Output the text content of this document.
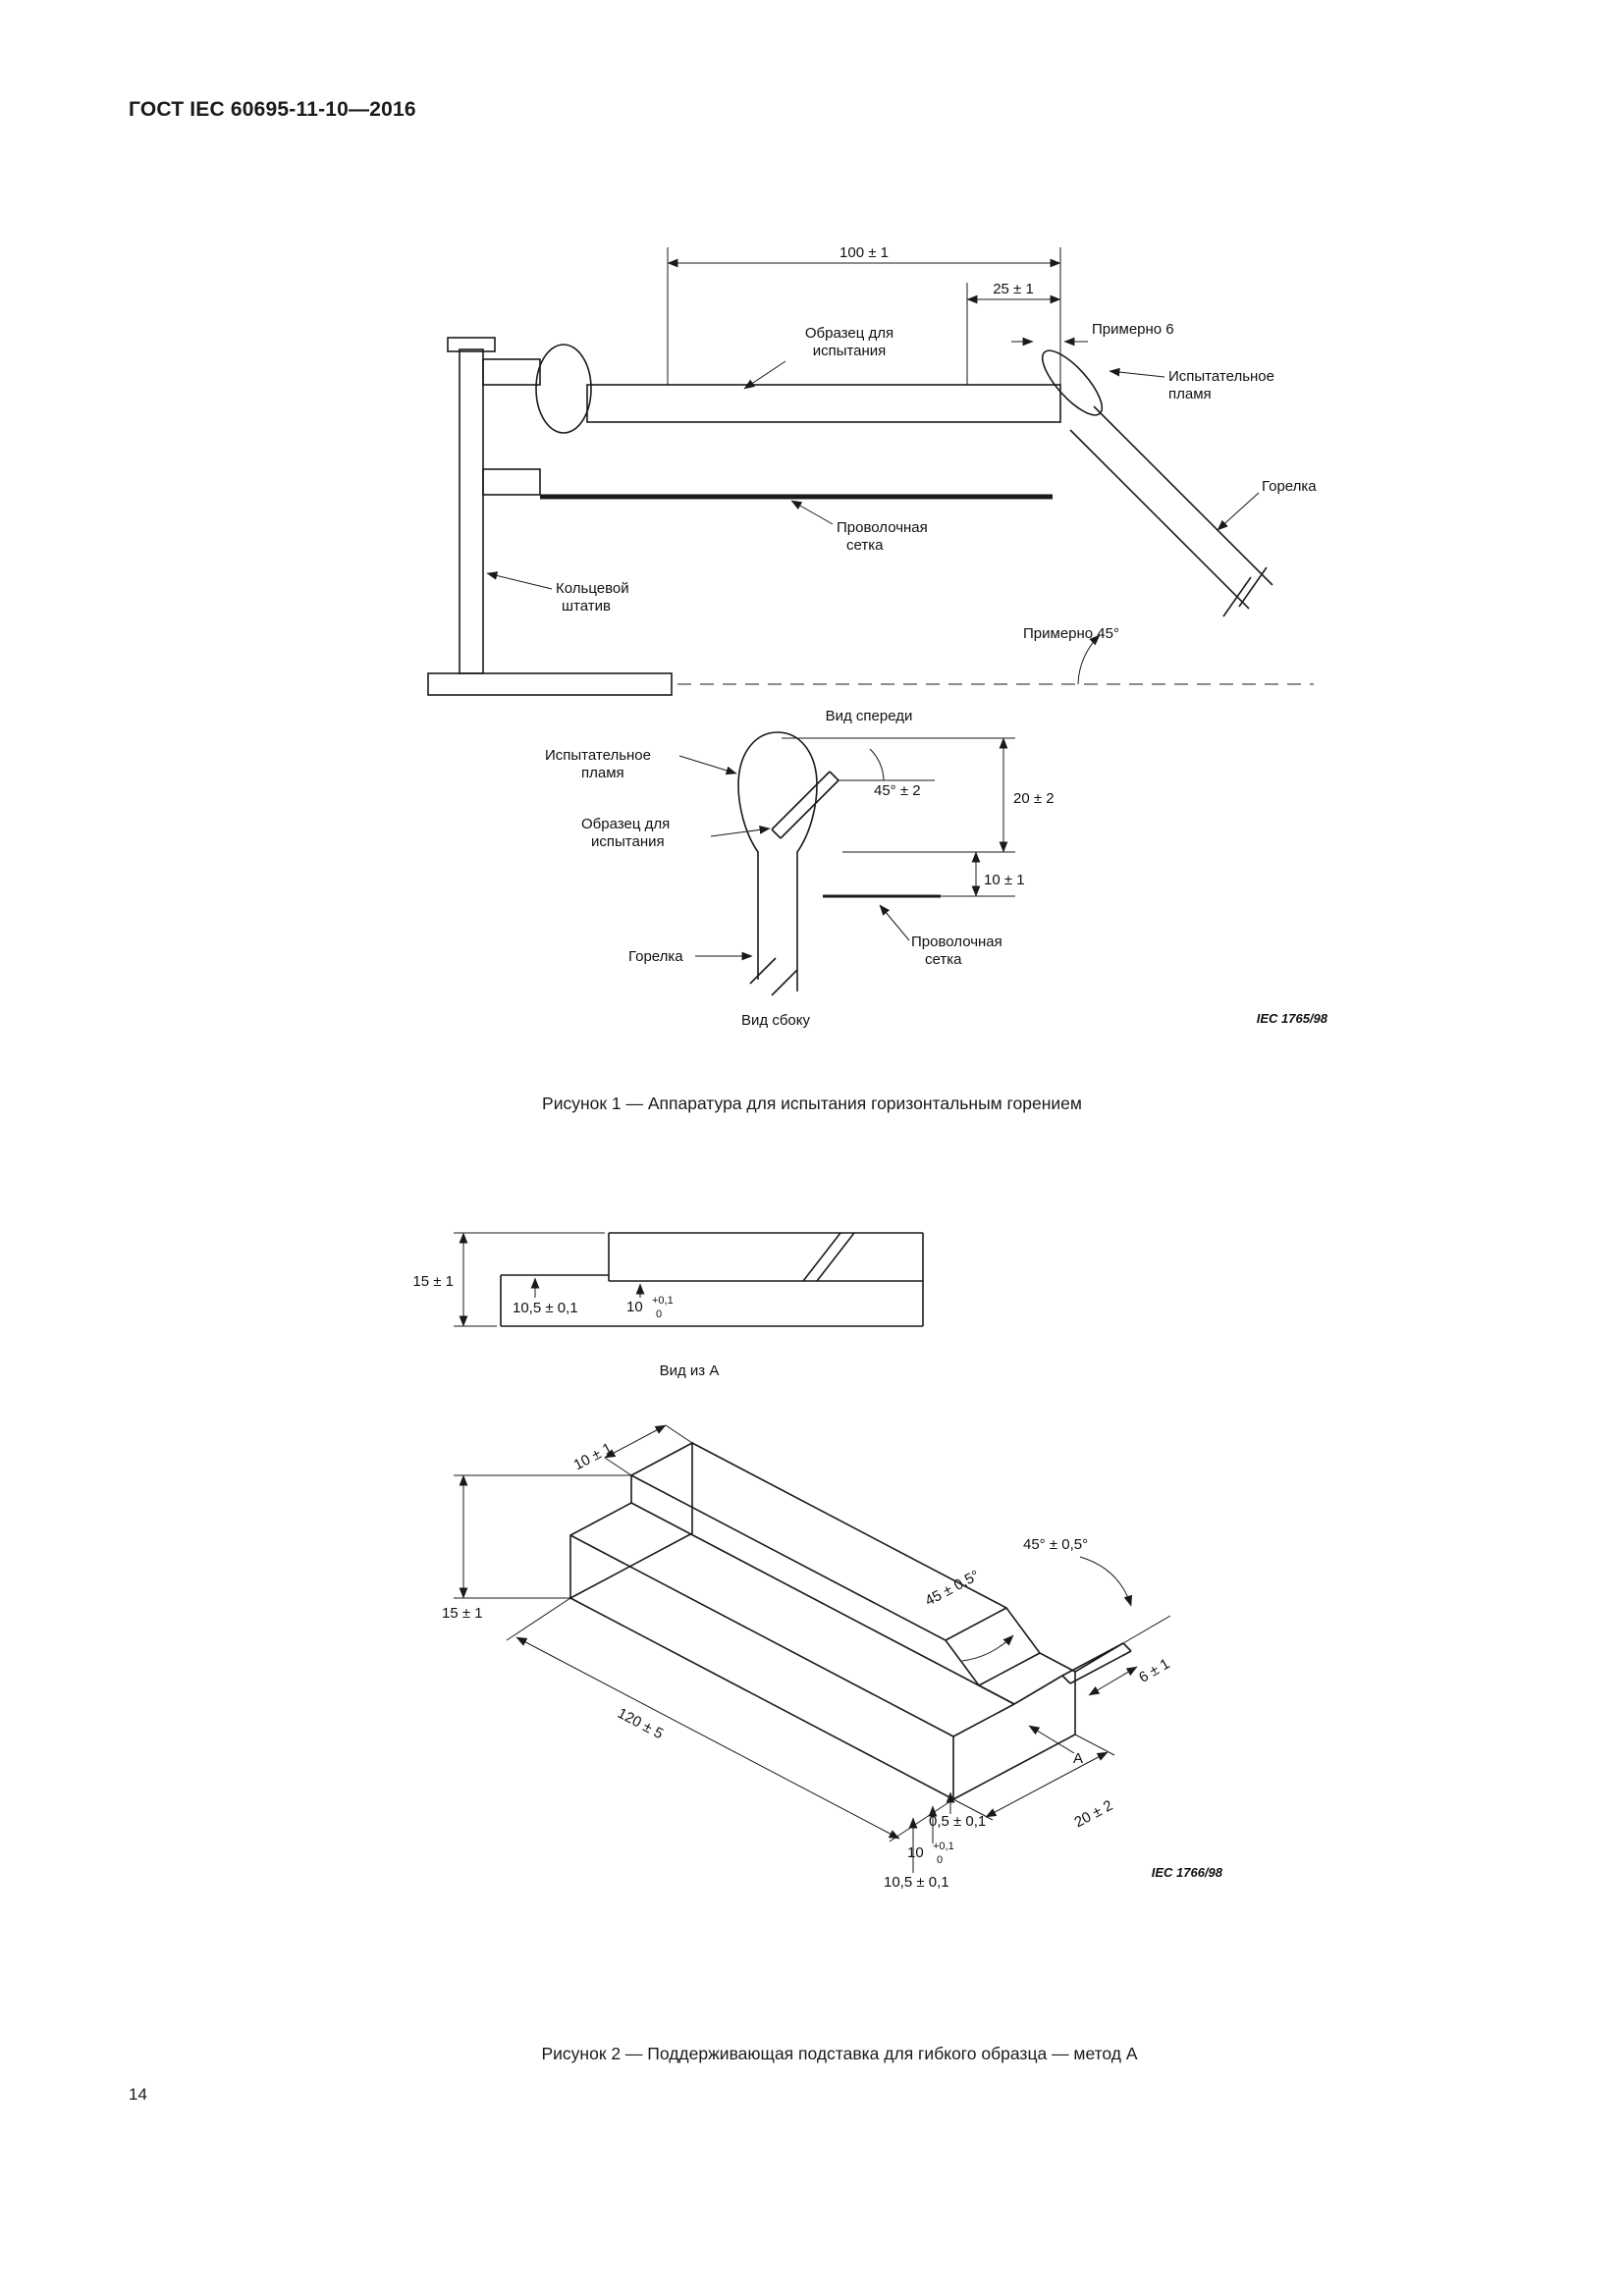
ГОСТ IEC 60695-11-10—2016
100 ± 1
25 ± 1
Примерно 6
Образец для
испытания
Испытательное
пламя
Горелка
Проволочная
сетка
Кольцевой
штатив
Примерно 45°
Вид спереди
Испытательное
пламя
Образец для
испытания
45° ± 2	20 ± 2
10 ± 1
Горелка
Проволочная
сетка
Вид сбоку	IEC 1765/98
15 ± 1
10,5 ± 0,1	10 +0,1
0
Вид из А
10 ± 1
15 ± 1
120 ± 5
45 ± 0,5°
45° ± 0,5°
6 ± 1
20 ± 2
A
0,5 ± 0,1
10 +0,1
0
10,5 ± 0,1
IEC 1766/98
Рисунок 1 — Аппаратура для испытания горизонтальным горением
Рисунок 2 — Поддерживающая подставка для гибкого образца — метод А
14
